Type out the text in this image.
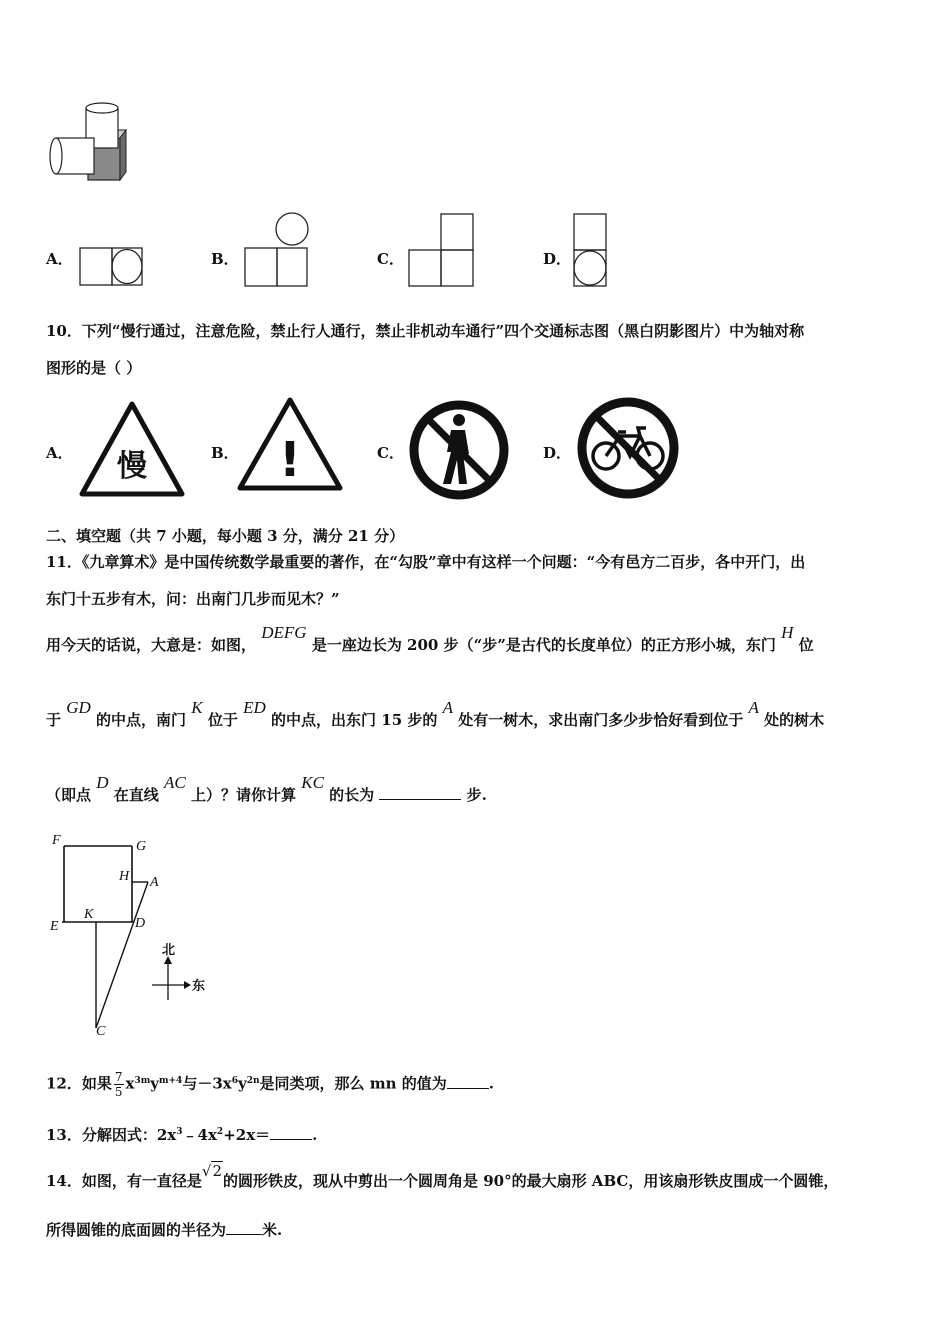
A．	B．	C．	D．
10．下列“慢行通过，注意危险，禁止行人通行，禁止非机动车通行”四个交通标志图（黑白阴影图片）中为轴对称
图形的是（ ）
A． 慢	B． !	C．	D．
二、填空题（共 7 小题，每小题 3 分，满分 21 分）
11．《九章算术》是中国传统数学最重要的著作，在“勾股”章中有这样一个问题：“今有邑方二百步，各中开门，出
东门十五步有木，问：出南门几步而见木？”
用今天的话说，大意是：如图， DEFG 是一座边长为 200 步（“步”是古代的长度单位）的正方形小城，东门 H 位
于 GD 的中点，南门 K 位于 ED 的中点，出东门 15 步的 A 处有一树木，求出南门多少步恰好看到位于 A 处的树木
（即点 D 在直线 AC 上）？请你计算 KC 的长为	步.
F	G
H A
E
K
D
C
北
东
12．如果 $\frac{7}{5} x^{3m}y^{m+4}$与$-3x^6y^{2n}$是同类项，那么 mn 的值为	.
13．分解因式：$2x^3﹣4x^2+2x=$	.
14．如图，有一直径是√2的圆形铁皮，现从中剪出一个圆周角是 90°的最大扇形 ABC，用该扇形铁皮围成一个圆锥，
所得圆锥的底面圆的半径为 米.
